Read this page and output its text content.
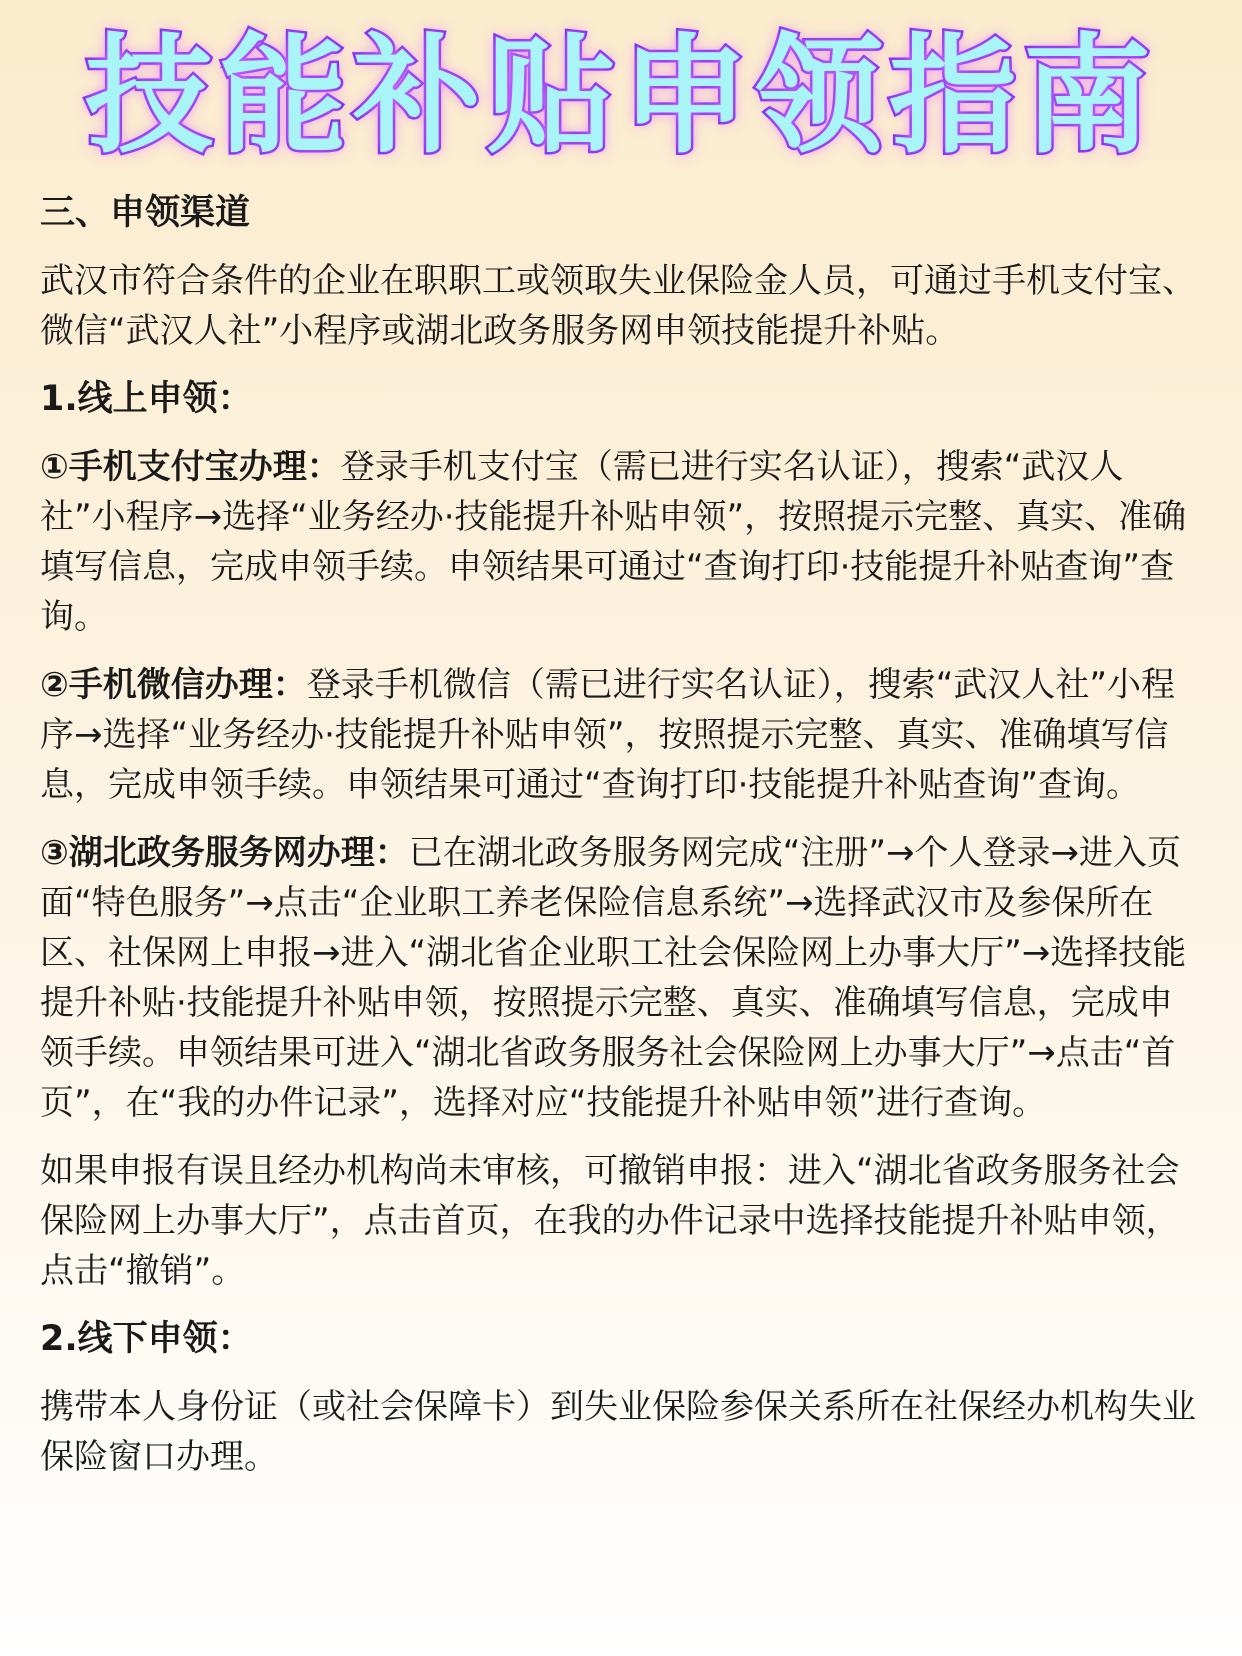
技能补贴申领指南

三、申领渠道

武汉市符合条件的企业在职职工或领取失业保险金人员，可通过手机支付宝、微信“武汉人社”小程序或湖北政务服务网申领技能提升补贴。

1.线上申领：

①手机支付宝办理：登录手机支付宝（需已进行实名认证），搜索“武汉人社”小程序→选择“业务经办·技能提升补贴申领”，按照提示完整、真实、准确填写信息，完成申领手续。申领结果可通过“查询打印·技能提升补贴查询”查询。

②手机微信办理：登录手机微信（需已进行实名认证），搜索“武汉人社”小程序→选择“业务经办·技能提升补贴申领”，按照提示完整、真实、准确填写信息，完成申领手续。申领结果可通过“查询打印·技能提升补贴查询”查询。

③湖北政务服务网办理：已在湖北政务服务网完成“注册”→个人登录→进入页面“特色服务”→点击“企业职工养老保险信息系统”→选择武汉市及参保所在区、社保网上申报→进入“湖北省企业职工社会保险网上办事大厅”→选择技能提升补贴·技能提升补贴申领，按照提示完整、真实、准确填写信息，完成申领手续。申领结果可进入“湖北省政务服务社会保险网上办事大厅”→点击“首页”，在“我的办件记录”，选择对应“技能提升补贴申领”进行查询。

如果申报有误且经办机构尚未审核，可撤销申报：进入“湖北省政务服务社会保险网上办事大厅”，点击首页，在我的办件记录中选择技能提升补贴申领，点击“撤销”。

2.线下申领：

携带本人身份证（或社会保障卡）到失业保险参保关系所在社保经办机构失业保险窗口办理。
